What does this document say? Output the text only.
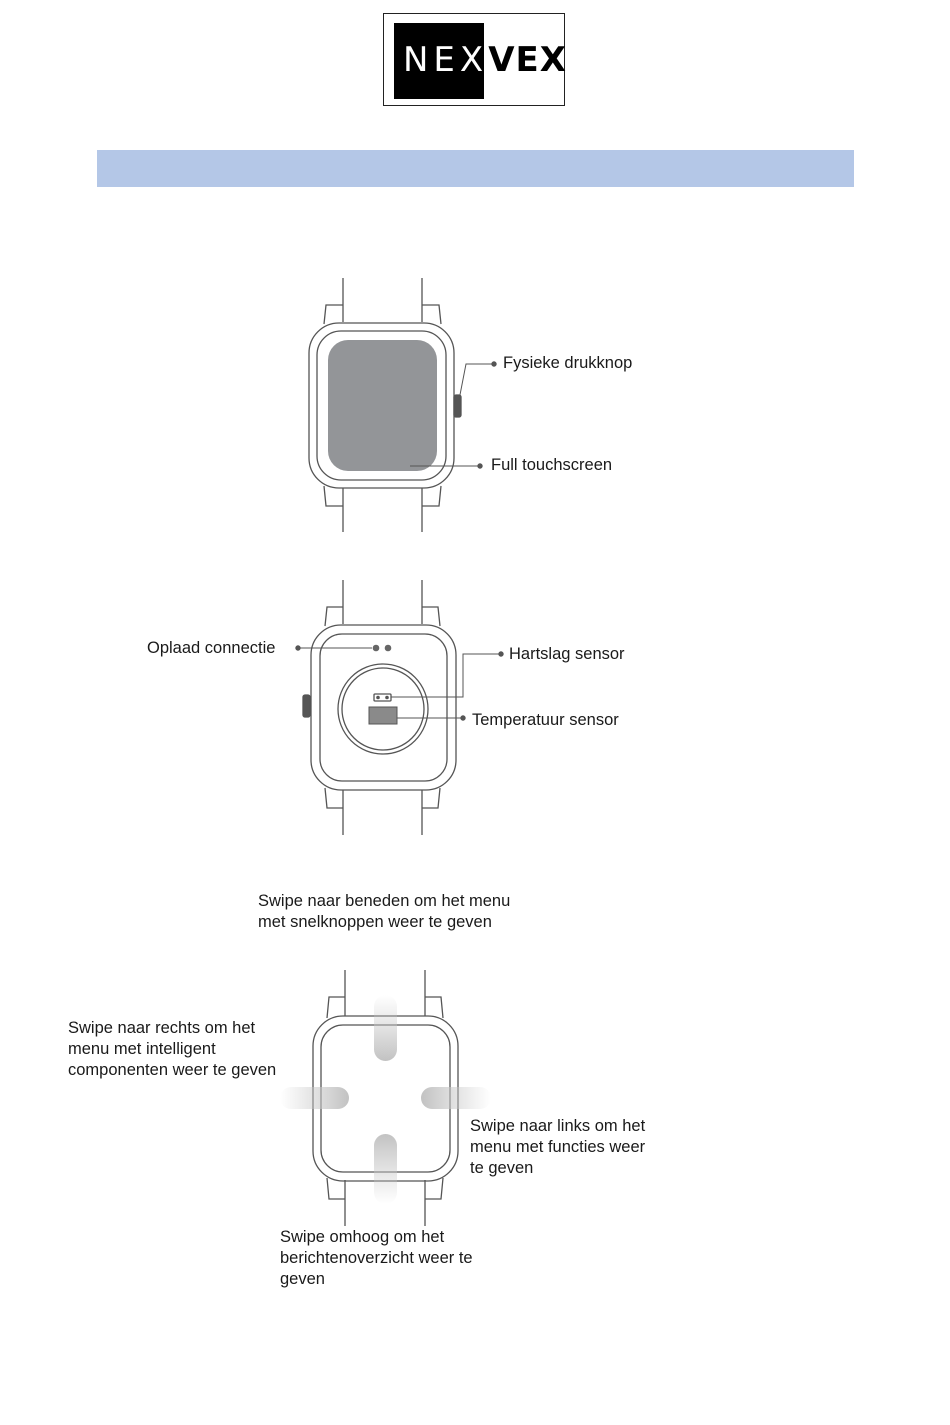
NEXVEX
Fysieke drukknop
Full touchscreen
Oplaad connectie	Hartslag sensor
Temperatuur sensor
Swipe naar beneden om het menu met snelknoppen weer te geven
Swipe naar rechts om het menu met intelligent componenten weer te geven
Swipe naar links om het menu met functies weer te geven
Swipe omhoog om het berichtenoverzicht weer te geven
